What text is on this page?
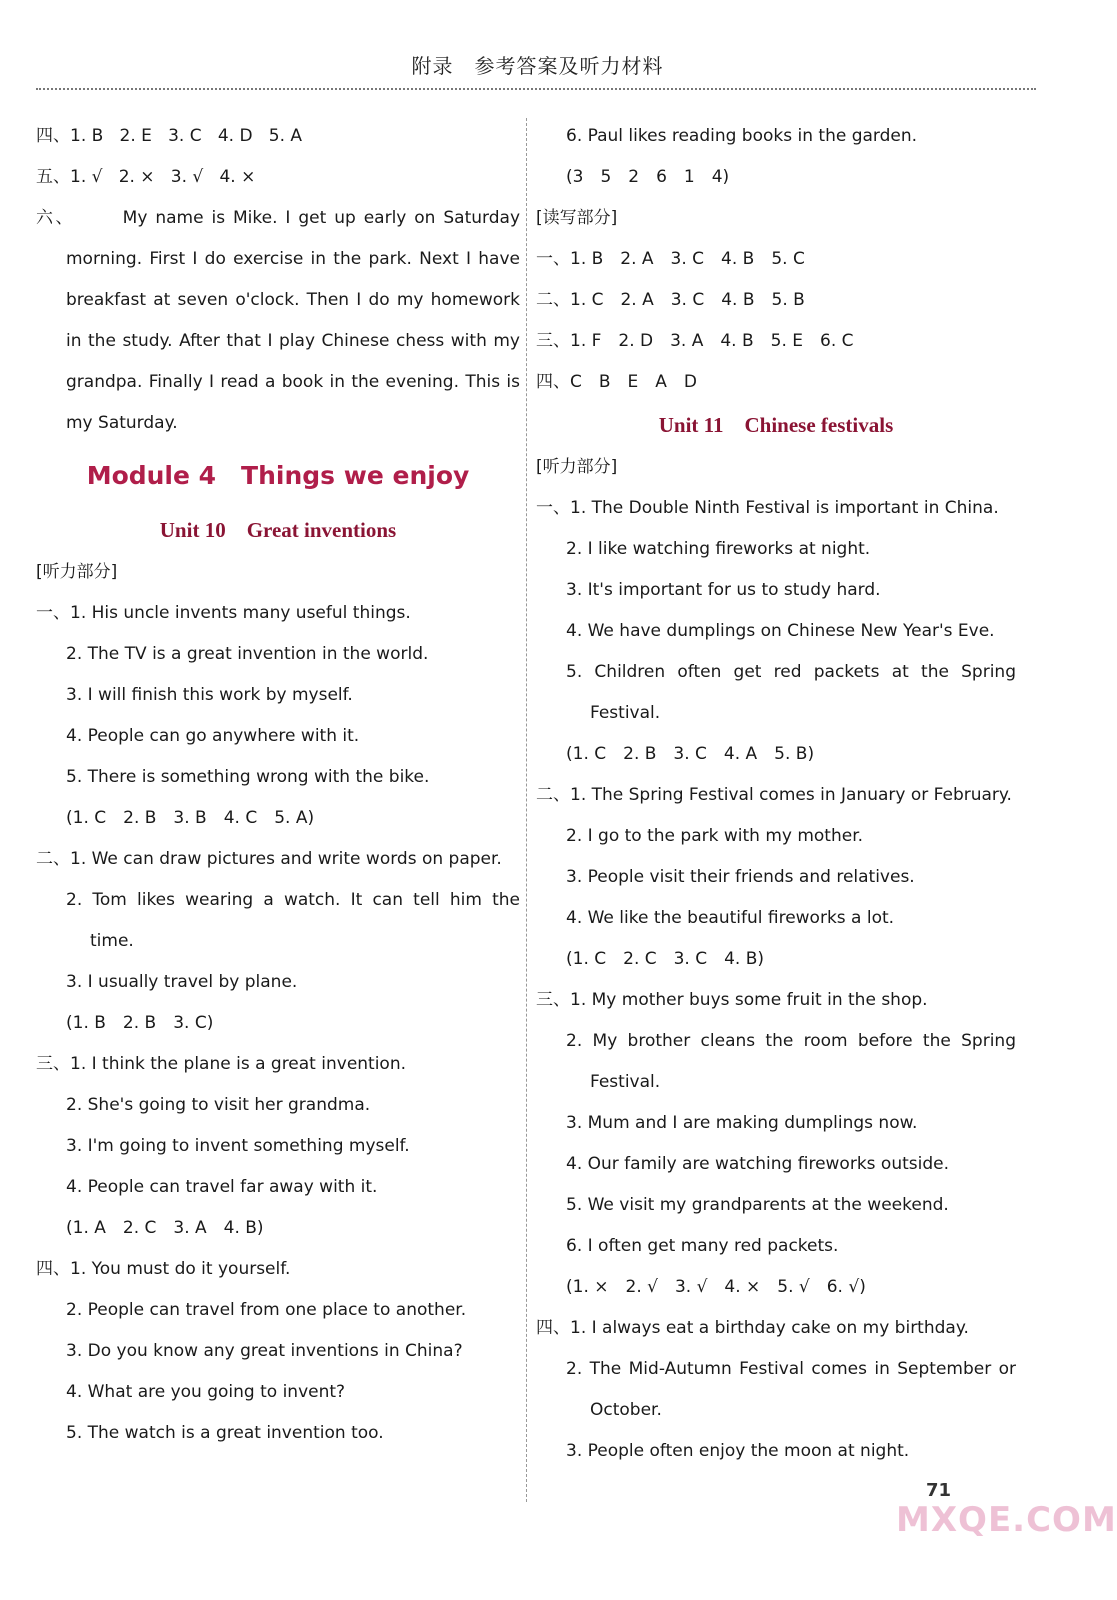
附录　参考答案及听力材料
四、1. B 2. E 3. C 4. D 5. A
五、1. √ 2. × 3. √ 4. ×
六、	My name is Mike. I get up early on Saturday
morning. First I do exercise in the park. Next I have
breakfast at seven o'clock. Then I do my homework
in the study. After that I play Chinese chess with my
grandpa. Finally I read a book in the evening. This is
my Saturday.
Module 4　Things we enjoy
Unit 10　Great inventions
[听力部分]
一、1. His uncle invents many useful things.
2. The TV is a great invention in the world.
3. I will finish this work by myself.
4. People can go anywhere with it.
5. There is something wrong with the bike.
(1. C　2. B　3. B　4. C　5. A)
二、1. We can draw pictures and write words on paper.
2. Tom likes wearing a watch. It can tell him the
time.
3. I usually travel by plane.
(1. B　2. B　3. C)
三、1. I think the plane is a great invention.
2. She's going to visit her grandma.
3. I'm going to invent something myself.
4. People can travel far away with it.
(1. A　2. C　3. A　4. B)
四、1. You must do it yourself.
2. People can travel from one place to another.
3. Do you know any great inventions in China?
4. What are you going to invent?
5. The watch is a great invention too.
6. Paul likes reading books in the garden.
(3　5　2　6　1　4)
[读写部分]
一、1. B　2. A　3. C　4. B　5. C
二、1. C　2. A　3. C　4. B　5. B
三、1. F　2. D　3. A　4. B　5. E　6. C
四、C　B　E　A　D
Unit 11　Chinese festivals
[听力部分]
一、1. The Double Ninth Festival is important in China.
2. I like watching fireworks at night.
3. It's important for us to study hard.
4. We have dumplings on Chinese New Year's Eve.
5. Children often get red packets at the Spring
Festival.
(1. C　2. B　3. C　4. A　5. B)
二、1. The Spring Festival comes in January or February.
2. I go to the park with my mother.
3. People visit their friends and relatives.
4. We like the beautiful fireworks a lot.
(1. C　2. C　3. C　4. B)
三、1. My mother buys some fruit in the shop.
2. My brother cleans the room before the Spring
Festival.
3. Mum and I are making dumplings now.
4. Our family are watching fireworks outside.
5. We visit my grandparents at the weekend.
6. I often get many red packets.
(1. ×　2. √　3. √　4. ×　5. √　6. √)
四、1. I always eat a birthday cake on my birthday.
2. The Mid-Autumn Festival comes in September or
October.
3. People often enjoy the moon at night.
71
MXQE.COM
